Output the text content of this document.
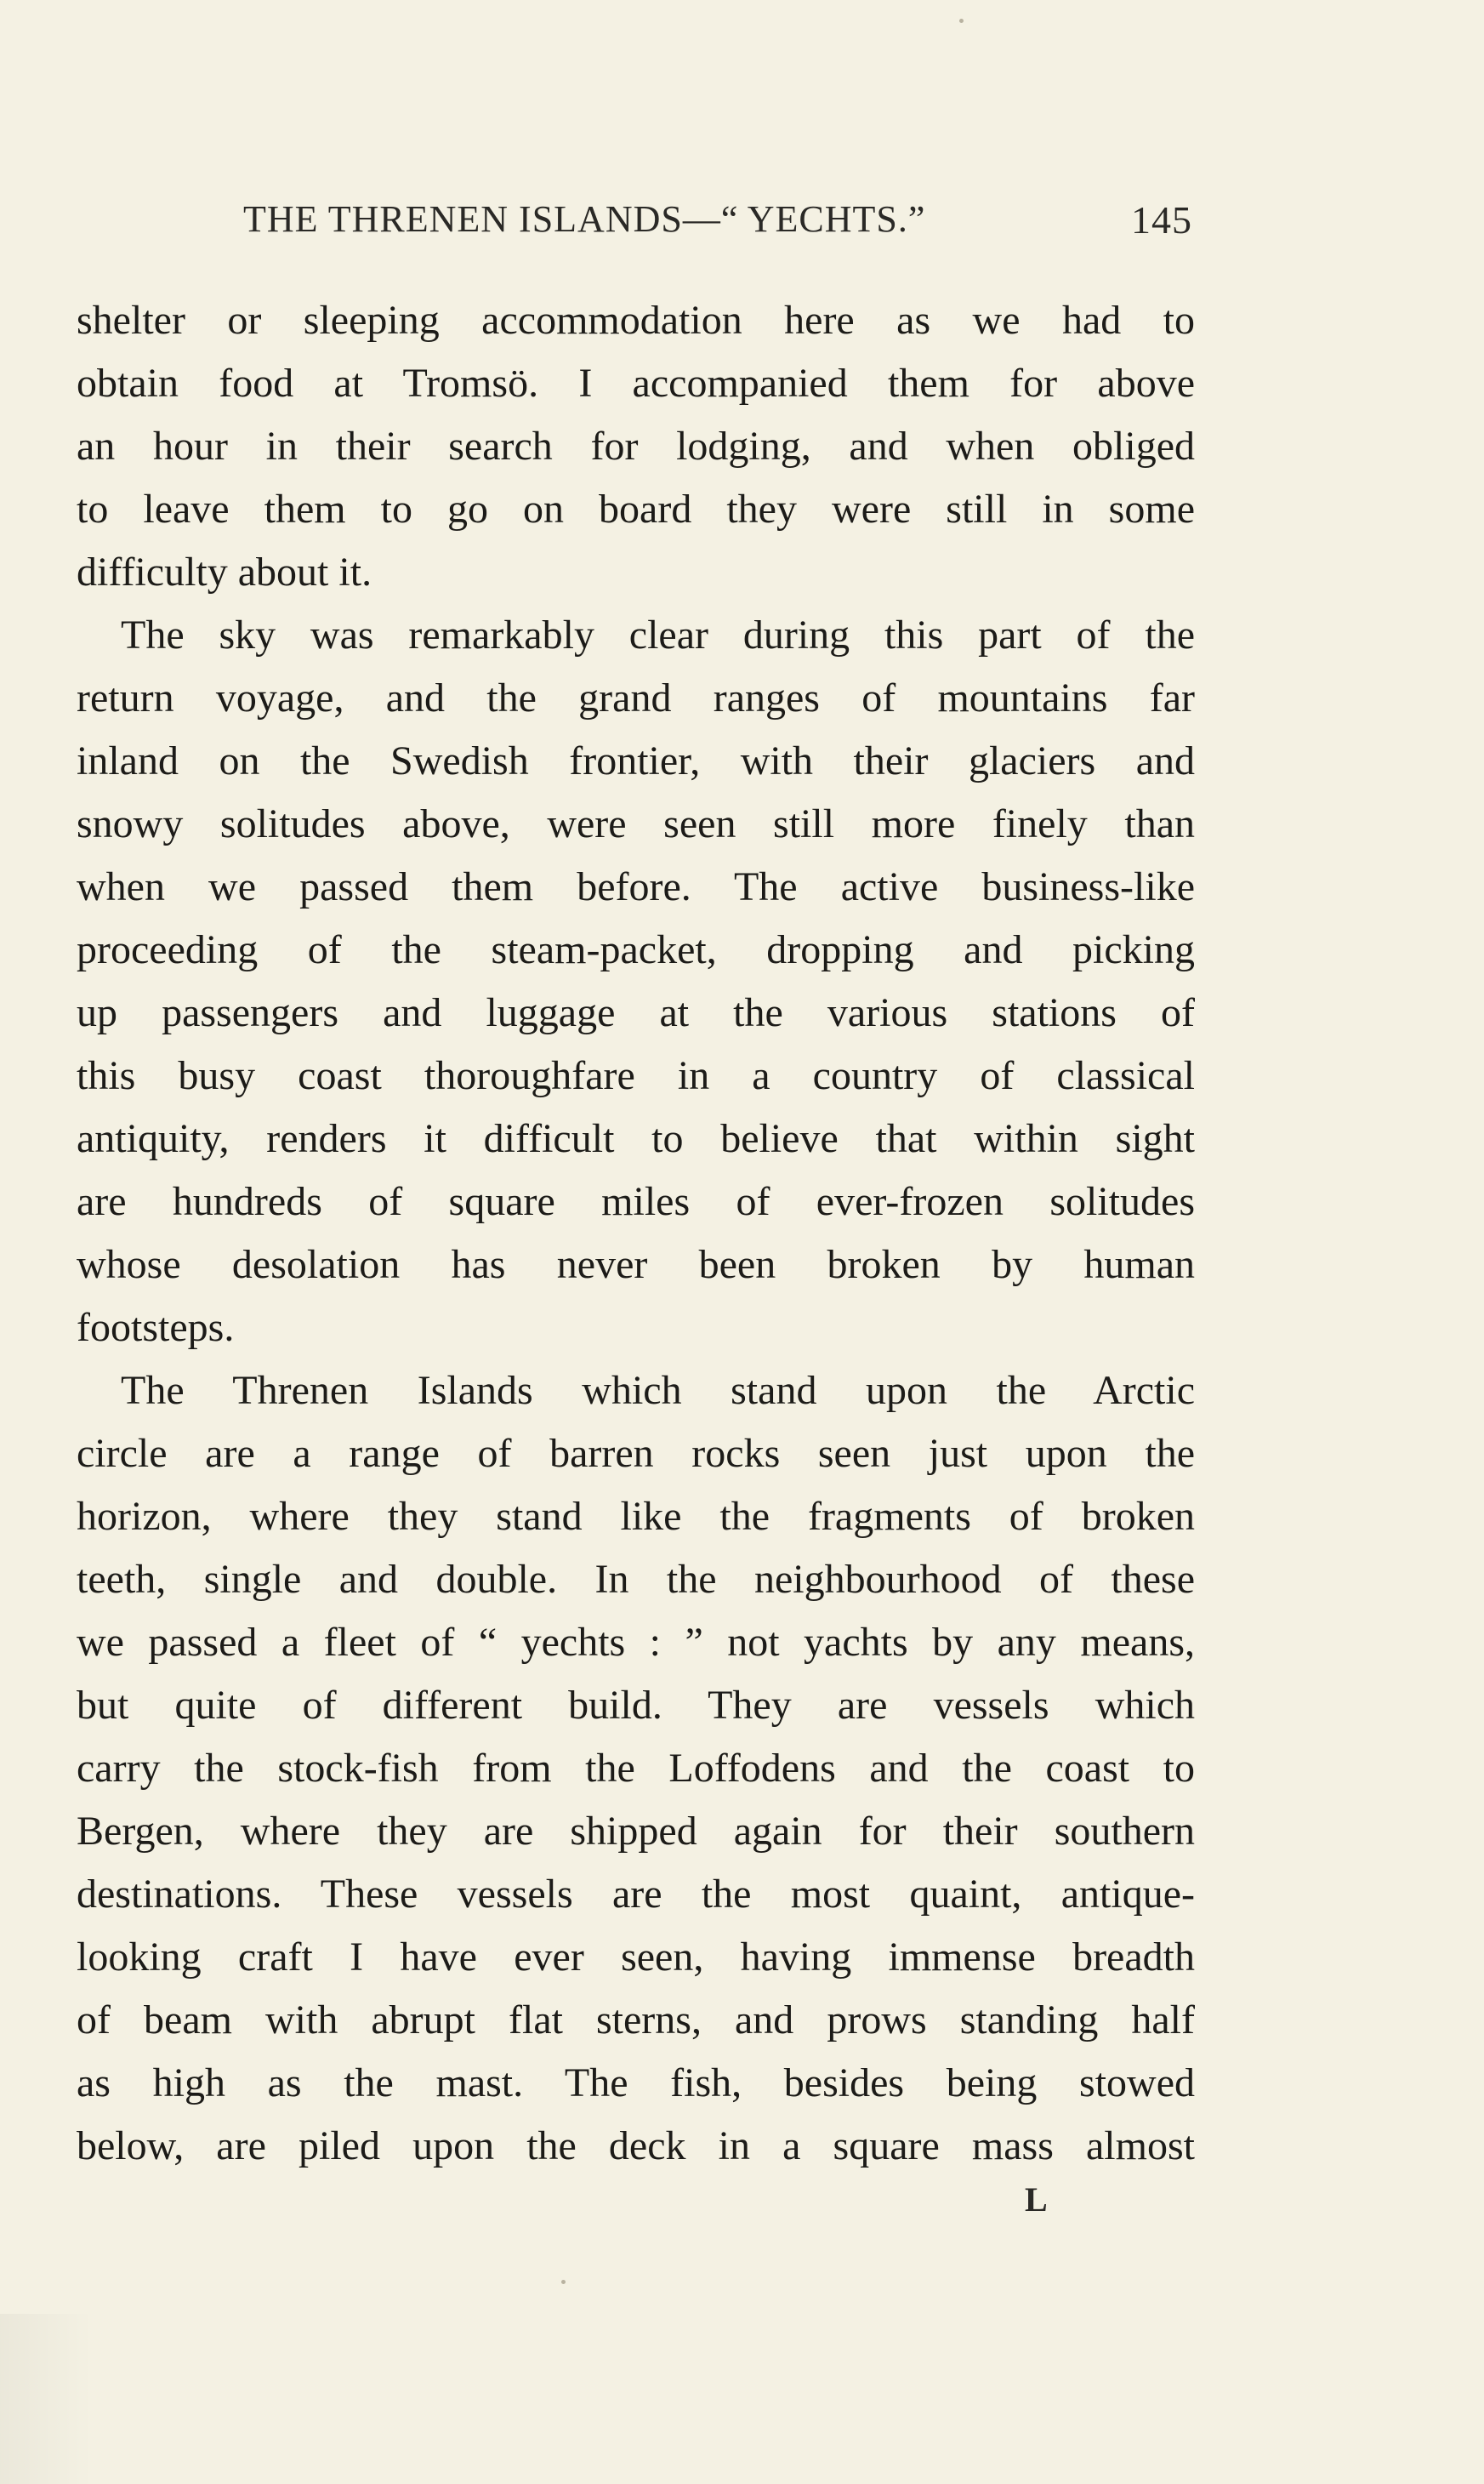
THE THRENEN ISLANDS—“ YECHTS.”	145
shelter or sleeping accommodation here as we had to
obtain food at Tromsö. I accompanied them for above
an hour in their search for lodging, and when obliged
to leave them to go on board they were still in some
difficulty about it.
The sky was remarkably clear during this part of the
return voyage, and the grand ranges of mountains far
inland on the Swedish frontier, with their glaciers and
snowy solitudes above, were seen still more finely than
when we passed them before. The active business-like
proceeding of the steam-packet, dropping and picking
up passengers and luggage at the various stations of
this busy coast thoroughfare in a country of classical
antiquity, renders it difficult to believe that within sight
are hundreds of square miles of ever-frozen solitudes
whose desolation has never been broken by human
footsteps.
The Threnen Islands which stand upon the Arctic
circle are a range of barren rocks seen just upon the
horizon, where they stand like the fragments of broken
teeth, single and double. In the neighbourhood of these
we passed a fleet of “ yechts : ” not yachts by any means,
but quite of different build. They are vessels which
carry the stock-fish from the Loffodens and the coast to
Bergen, where they are shipped again for their southern
destinations. These vessels are the most quaint, antique-
looking craft I have ever seen, having immense breadth
of beam with abrupt flat sterns, and prows standing half
as high as the mast. The fish, besides being stowed
below, are piled upon the deck in a square mass almost
L
